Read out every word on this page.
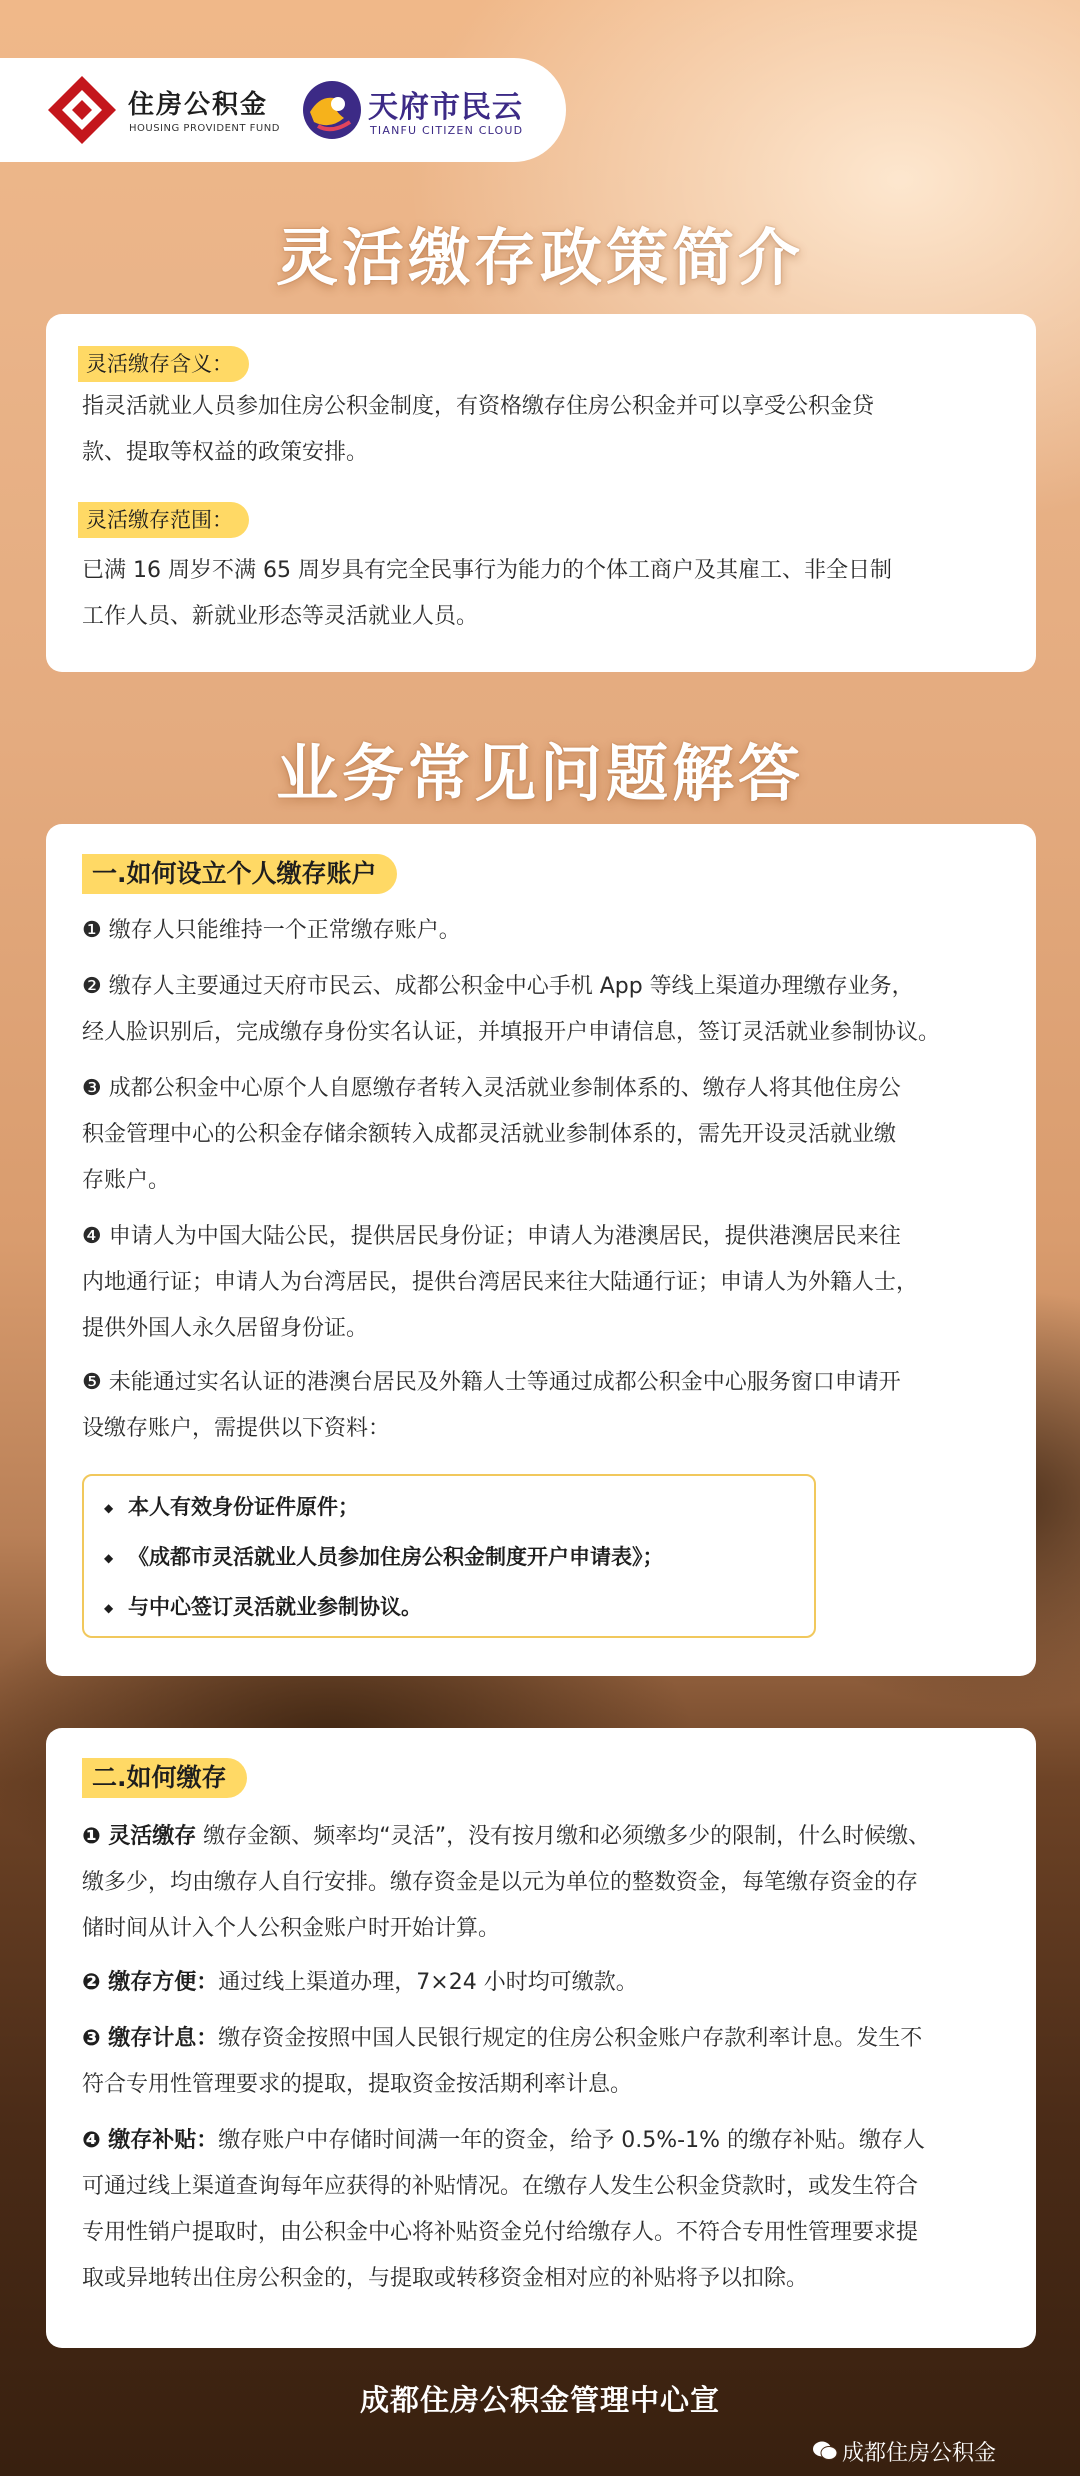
住房公积金
HOUSING PROVIDENT FUND
天府市民云
TIANFU CITIZEN CLOUD
灵活缴存政策简介
灵活缴存含义：
指灵活就业人员参加住房公积金制度，有资格缴存住房公积金并可以享受公积金贷
款、提取等权益的政策安排。
灵活缴存范围：
已满 16 周岁不满 65 周岁具有完全民事行为能力的个体工商户及其雇工、非全日制
工作人员、新就业形态等灵活就业人员。
业务常见问题解答
一.如何设立个人缴存账户
❶ 缴存人只能维持一个正常缴存账户。
❷ 缴存人主要通过天府市民云、成都公积金中心手机 App 等线上渠道办理缴存业务，
经人脸识别后，完成缴存身份实名认证，并填报开户申请信息，签订灵活就业参制协议。
❸ 成都公积金中心原个人自愿缴存者转入灵活就业参制体系的、缴存人将其他住房公
积金管理中心的公积金存储余额转入成都灵活就业参制体系的，需先开设灵活就业缴
存账户。
❹ 申请人为中国大陆公民，提供居民身份证；申请人为港澳居民，提供港澳居民来往
内地通行证；申请人为台湾居民，提供台湾居民来往大陆通行证；申请人为外籍人士，
提供外国人永久居留身份证。
❺ 未能通过实名认证的港澳台居民及外籍人士等通过成都公积金中心服务窗口申请开
设缴存账户，需提供以下资料：
◆ 本人有效身份证件原件；
◆ 《成都市灵活就业人员参加住房公积金制度开户申请表》；
◆ 与中心签订灵活就业参制协议。
二.如何缴存
❶ 灵活缴存 缴存金额、频率均“灵活”，没有按月缴和必须缴多少的限制，什么时候缴、
缴多少，均由缴存人自行安排。缴存资金是以元为单位的整数资金，每笔缴存资金的存
储时间从计入个人公积金账户时开始计算。
❷ 缴存方便：通过线上渠道办理，7×24 小时均可缴款。
❸ 缴存计息：缴存资金按照中国人民银行规定的住房公积金账户存款利率计息。发生不
符合专用性管理要求的提取，提取资金按活期利率计息。
❹ 缴存补贴：缴存账户中存储时间满一年的资金，给予 0.5%-1% 的缴存补贴。缴存人
可通过线上渠道查询每年应获得的补贴情况。在缴存人发生公积金贷款时，或发生符合
专用性销户提取时，由公积金中心将补贴资金兑付给缴存人。不符合专用性管理要求提
取或异地转出住房公积金的，与提取或转移资金相对应的补贴将予以扣除。
成都住房公积金管理中心宣
成都住房公积金
